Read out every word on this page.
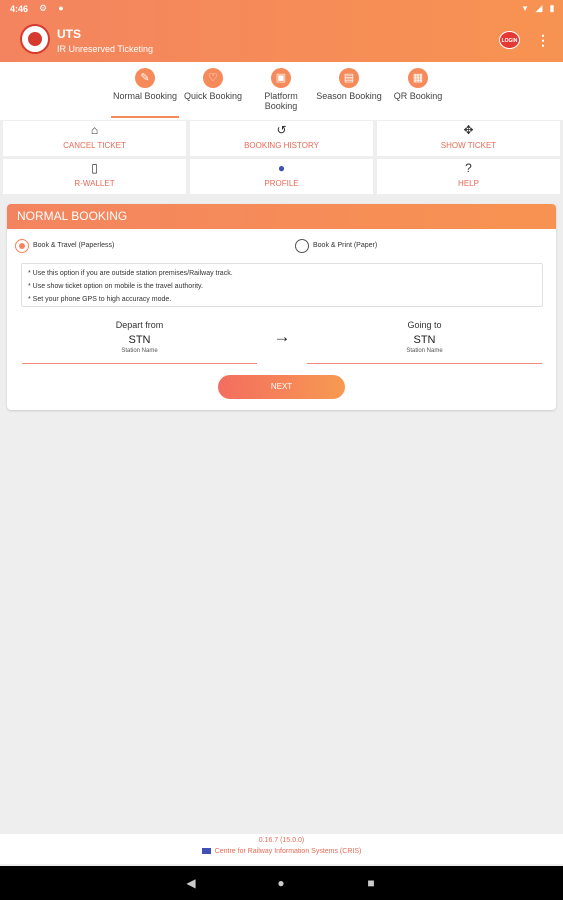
4:46 ⚙ ●	▾ ◢ ▮
UTS
IR Unreserved Ticketing
LOGIN ⋮
✎
Normal Booking
♡
Quick Booking
▣
Platform Booking
▤
Season Booking
▦
QR Booking
⌂
CANCEL TICKET
↺
BOOKING HISTORY
✥
SHOW TICKET
▯
R-WALLET
●
PROFILE
?
HELP
NORMAL BOOKING
Book & Travel (Paperless)	Book & Print (Paper)
* Use this option if you are outside station premises/Railway track.
* Use show ticket option on mobile is the travel authority.
* Set your phone GPS to high accuracy mode.
Depart from
STN
Station Name
→
Going to
STN
Station Name
NEXT
0.16.7 (15.0.0)
Centre for Railway Information Systems (CRIS)
◀	●	■
